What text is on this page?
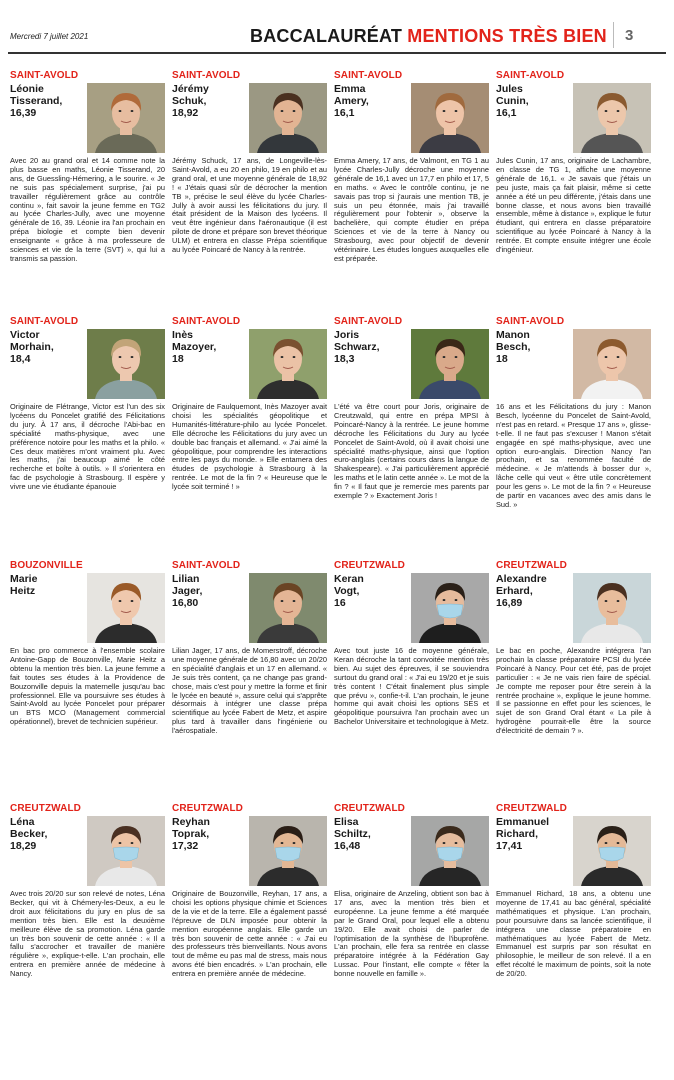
Mercredi 7 juillet 2021	BACCALAURÉAT MENTIONS TRÈS BIEN 3
SAINT-AVOLD
Léonie
Tisserand,
16,39
Avec 20 au grand oral et 14 comme note la plus basse en maths, Léonie Tisserand, 20 ans, de Guessling-Hémering, a le sourire. « Je ne suis pas spécialement surprise, j'ai pu travailler régulièrement grâce au contrôle continu », fait savoir la jeune femme en TG2 au lycée Charles-Jully, avec une moyenne générale de 16, 39. Léonie ira l'an prochain en prépa biologie et compte bien devenir enseignante « grâce à ma professeure de sciences et vie de la terre (SVT) », qui lui a transmis sa passion.
SAINT-AVOLD
Jérémy
Schuk,
18,92
Jérémy Schuck, 17 ans, de Longeville-lès-Saint-Avold, a eu 20 en philo, 19 en philo et au grand oral, et une moyenne générale de 18,92 ! « J'étais quasi sûr de décrocher la mention TB », précise le seul élève du lycée Charles-Jully à avoir aussi les félicitations du jury. Il était président de la Maison des lycéens. Il veut être ingénieur dans l'aéronautique (il est pilote de drone et prépare son brevet théorique ULM) et entrera en classe Prépa scientifique au lycée Poincaré de Nancy à la rentrée.
SAINT-AVOLD
Emma
Amery,
16,1
Emma Amery, 17 ans, de Valmont, en TG 1 au lycée Charles-Jully décroche une moyenne générale de 16,1 avec un 17,7 en philo et 17, 5 en maths. « Avec le contrôle continu, je ne savais pas trop si j'aurais une mention TB, je suis un peu étonnée, mais j'ai travaillé régulièrement pour l'obtenir », observe la bachelière, qui compte étudier en prépa Sciences et vie de la terre à Nancy ou Strasbourg, avec pour objectif de devenir vétérinaire. Les études longues auxquelles elle est préparée.
SAINT-AVOLD
Jules
Cunin,
16,1
Jules Cunin, 17 ans, originaire de Lachambre, en classe de TG 1, affiche une moyenne générale de 16,1. « Je savais que j'étais un peu juste, mais ça fait plaisir, même si cette année a été un peu différente, j'étais dans une bonne classe, et nous avons bien travaillé ensemble, même à distance », explique le futur étudiant, qui entrera en classe préparatoire scientifique au lycée Poincaré à Nancy à la rentrée. Et compte ensuite intégrer une école d'ingénieur.
SAINT-AVOLD
Victor
Morhain,
18,4
Originaire de Flétrange, Victor est l'un des six lycéens du Poncelet gratifié des Félicitations du jury. À 17 ans, il décroche l'Abi-bac en spécialité maths-physique, avec une préférence notoire pour les maths et la philo. « Ces deux matières m'ont vraiment plu. Avec les maths, j'ai beaucoup aimé le côté recherche et boîte à outils. » Il s'orientera en fac de psychologie à Strasbourg. Il espère y vivre une vie étudiante épanouie
SAINT-AVOLD
Inès
Mazoyer,
18
Originaire de Faulquemont, Inès Mazoyer avait choisi les spécialités géopolitique et Humanités-littérature-philo au lycée Poncelet. Elle décroche les Félicitations du jury avec un double bac français et allemand. « J'ai aimé la géopolitique, pour comprendre les interactions entre les pays du monde. » Elle entamera des études de psychologie à Strasbourg à la rentrée. Le mot de la fin ? « Heureuse que le lycée soit terminé ! »
SAINT-AVOLD
Joris
Schwarz,
18,3
L'été va être court pour Joris, originaire de Creutzwald, qui entre en prépa MPSI à Poincaré-Nancy à la rentrée. Le jeune homme décroche les Félicitations du Jury au lycée Poncelet de Saint-Avold, où il avait choisi une spécialité maths-physique, ainsi que l'option euro-anglais (certains cours dans la langue de Shakespeare). « J'ai particulièrement apprécié les maths et le latin cette année ». Le mot de la fin ? « Il faut que je remercie mes parents par exemple ? » Exactement Joris !
SAINT-AVOLD
Manon
Besch,
18
16 ans et les Félicitations du jury : Manon Besch, lycéenne du Poncelet de Saint-Avold, n'est pas en retard. « Presque 17 ans », glisse-t-elle. Il ne faut pas s'excuser ! Manon s'était engagée en spé maths-physique, avec une option euro-anglais. Direction Nancy l'an prochain, et sa renommée faculté de médecine. « Je m'attends à bosser dur », lâche celle qui veut « être utile concrètement pour les gens ». Le mot de la fin ? « Heureuse de partir en vacances avec des amis dans le Sud. »
BOUZONVILLE
Marie
Heitz
En bac pro commerce à l'ensemble scolaire Antoine-Gapp de Bouzonville, Marie Heitz a obtenu la mention très bien. La jeune femme a fait toutes ses études à la Providence de Bouzonville depuis la maternelle jusqu'au bac professionnel. Elle va poursuivre ses études à Saint-Avold au lycée Poncelet pour préparer un BTS MCO (Management commercial opérationnel), brevet de technicien supérieur.
SAINT-AVOLD
Lilian
Jager,
16,80
Lilian Jager, 17 ans, de Momerstroff, décroche une moyenne générale de 16,80 avec un 20/20 en spécialité d'anglais et un 17 en allemand. « Je suis très content, ça ne change pas grand-chose, mais c'est pour y mettre la forme et finir le lycée en beauté », assure celui qui s'apprête désormais à intégrer une classe prépa scientifique au lycée Fabert de Metz, et aspire plus tard à travailler dans l'ingénierie ou l'aérospatiale.
CREUTZWALD
Keran
Vogt,
16
Avec tout juste 16 de moyenne générale, Keran décroche la tant convoitée mention très bien. Au sujet des épreuves, il se souviendra surtout du grand oral : « J'ai eu 19/20 et je suis très content ! C'était finalement plus simple que prévu », confie-t-il. L'an prochain, le jeune homme qui avait choisi les options SES et géopolitique poursuivra l'an prochain avec un Bachelor Universitaire et technologique à Metz.
CREUTZWALD
Alexandre
Erhard,
16,89
Le bac en poche, Alexandre intégrera l'an prochain la classe préparatoire PCSI du lycée Poincaré à Nancy. Pour cet été, pas de projet particulier : « Je ne vais rien faire de spécial. Je compte me reposer pour être serein à la rentrée prochaine », explique le jeune homme. Il se passionne en effet pour les sciences, le sujet de son Grand Oral étant « La pile à hydrogène pourrait-elle être la source d'électricité de demain ? ».
CREUTZWALD
Léna
Becker,
18,29
Avec trois 20/20 sur son relevé de notes, Léna Becker, qui vit à Chémery-les-Deux, a eu le droit aux félicitations du jury en plus de sa mention très bien. Elle est la deuxième meilleure élève de sa promotion. Léna garde un très bon souvenir de cette année : « Il a fallu s'accrocher et travailler de manière régulière », explique-t-elle. L'an prochain, elle entrera en première année de médecine à Nancy.
CREUTZWALD
Reyhan
Toprak,
17,32
Originaire de Bouzonville, Reyhan, 17 ans, a choisi les options physique chimie et Sciences de la vie et de la terre. Elle a également passé l'épreuve de DLN imposée pour obtenir la mention européenne anglais. Elle garde un très bon souvenir de cette année : « J'ai eu des professeurs très bienveillants. Nous avons tout de même eu pas mal de stress, mais nous avons été bien encadrés. » L'an prochain, elle entrera en première année de médecine.
CREUTZWALD
Elisa
Schiltz,
16,48
Elisa, originaire de Anzeling, obtient son bac à 17 ans, avec la mention très bien et européenne. La jeune femme a été marquée par le Grand Oral, pour lequel elle a obtenu 19/20. Elle avait choisi de parler de l'optimisation de la synthèse de l'ibuprofène. L'an prochain, elle fera sa rentrée en classe préparatoire intégrée à la Fédération Gay Lussac. Pour l'instant, elle compte « fêter la bonne nouvelle en famille ».
CREUTZWALD
Emmanuel
Richard,
17,41
Emmanuel Richard, 18 ans, a obtenu une moyenne de 17,41 au bac général, spécialité mathématiques et physique. L'an prochain, pour poursuivre dans sa lancée scientifique, il intégrera une classe préparatoire en mathématiques au lycée Fabert de Metz. Emmanuel est surpris par son résultat en philosophie, le meilleur de son relevé. Il a en effet récolté le maximum de points, soit la note de 20/20.
